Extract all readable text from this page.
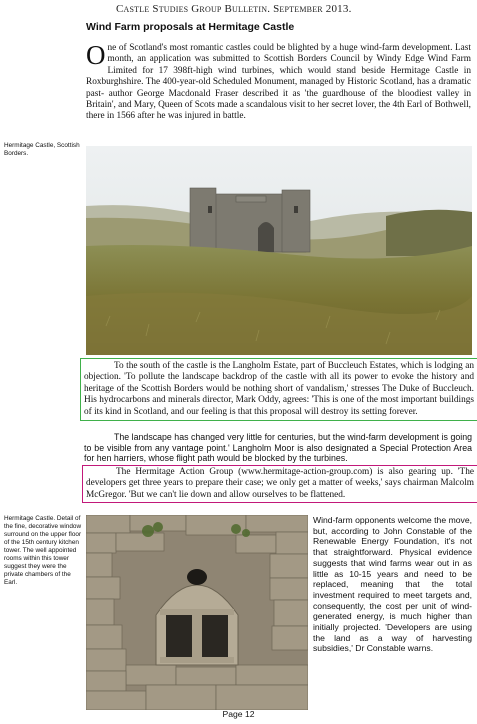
Castle Studies Group Bulletin. September 2013.
Wind Farm proposals at Hermitage Castle
One of Scotland's most romantic castles could be blighted by a huge wind-farm development. Last month, an application was submitted to Scottish Borders Council by Windy Edge Wind Farm Limited for 17 398ft-high wind turbines, which would stand beside Hermitage Castle in Roxburghshire. The 400-year-old Scheduled Monument, managed by Historic Scotland, has a dramatic past- author George Macdonald Fraser described it as 'the guardhouse of the bloodiest valley in Britain', and Mary, Queen of Scots made a scandalous visit to her secret lover, the 4th Earl of Bothwell, there in 1566 after he was injured in battle.
Hermitage Castle, Scottish Borders.
To the south of the castle is the Langholm Estate, part of Buccleuch Estates, which is lodging an objection. 'To pollute the landscape backdrop of the castle with all its power to evoke the history and heritage of the Scottish Borders would be nothing short of vandalism,' stresses The Duke of Buccleuch. His hydrocarbons and minerals director, Mark Oddy, agrees: 'This is one of the most important buildings of its kind in Scotland, and our feeling is that this proposal will destroy its setting forever.
The landscape has changed very little for centuries, but the wind-farm development is going to be visible from any vantage point.' Langholm Moor is also designated a Special Protection Area for hen harriers, whose flight path would be blocked by the turbines.
The Hermitage Action Group (www.hermitage-action-group.com) is also gearing up. 'The developers get three years to prepare their case; we only get a matter of weeks,' says chairman Malcolm McGregor. 'But we can't lie down and allow ourselves to be flattened.
Hermitage Castle. Detail of the fine, decorative window surround on the upper floor of the 15th century kitchen tower. The well appointed rooms within this tower suggest they were the private chambers of the Earl.
Wind-farm opponents welcome the move, but, according to John Constable of the Renewable Energy Foundation, it's not that straightforward. Physical evidence suggests that wind farms wear out in as little as 10-15 years and need to be replaced, meaning that the total investment required to meet targets and, consequently, the cost per unit of wind-generated energy, is much higher than initially projected. 'Developers are using the land as a way of harvesting subsidies,' Dr Constable warns.
Page 12
